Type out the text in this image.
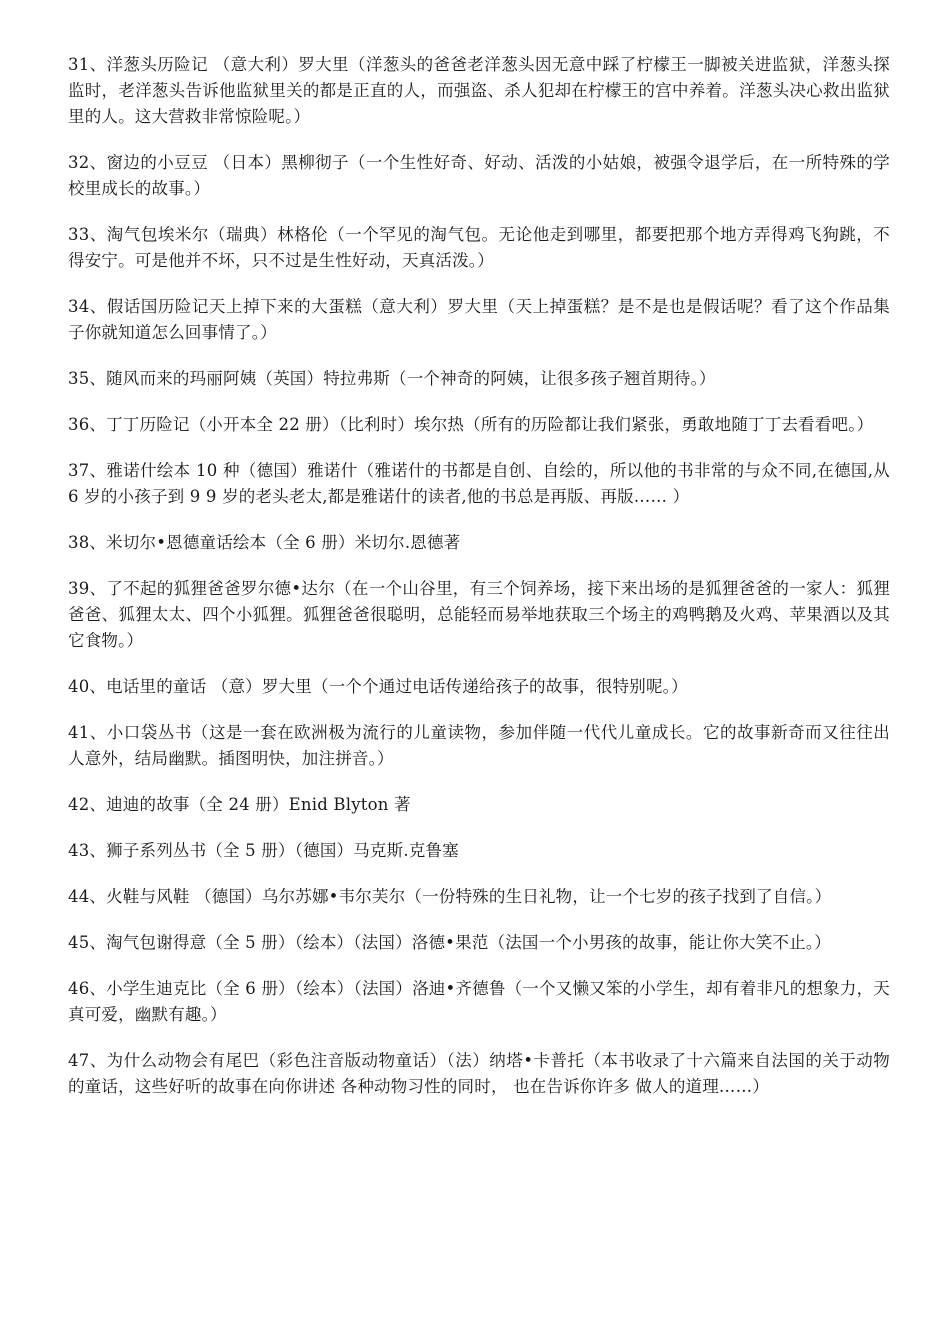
31、洋葱头历险记 （意大利）罗大里（洋葱头的爸爸老洋葱头因无意中踩了柠檬王一脚被关进监狱，洋葱头探监时，老洋葱头告诉他监狱里关的都是正直的人，而强盗、杀人犯却在柠檬王的宫中养着。洋葱头决心救出监狱里的人。这大营救非常惊险呢。）

32、窗边的小豆豆 （日本）黑柳彻子（一个生性好奇、好动、活泼的小姑娘，被强令退学后，在一所特殊的学校里成长的故事。）

33、淘气包埃米尔（瑞典）林格伦（一个罕见的淘气包。无论他走到哪里，都要把那个地方弄得鸡飞狗跳，不得安宁。可是他并不坏，只不过是生性好动，天真活泼。）

34、假话国历险记天上掉下来的大蛋糕（意大利）罗大里（天上掉蛋糕？是不是也是假话呢？看了这个作品集子你就知道怎么回事情了。）

35、随风而来的玛丽阿姨（英国）特拉弗斯（一个神奇的阿姨，让很多孩子翘首期待。）

36、丁丁历险记（小开本全 22 册）（比利时）埃尔热（所有的历险都让我们紧张，勇敢地随丁丁去看看吧。）

37、雅诺什绘本 10 种（德国）雅诺什（雅诺什的书都是自创、自绘的，所以他的书非常的与众不同,在德国,从 6 岁的小孩子到 9 9 岁的老头老太,都是雅诺什的读者,他的书总是再版、再版…… ）

38、米切尔•恩德童话绘本（全 6 册）米切尔.恩德著

39、了不起的狐狸爸爸罗尔德•达尔（在一个山谷里，有三个饲养场，接下来出场的是狐狸爸爸的一家人：狐狸爸爸、狐狸太太、四个小狐狸。狐狸爸爸很聪明，总能轻而易举地获取三个场主的鸡鸭鹅及火鸡、苹果酒以及其它食物。）

40、电话里的童话 （意）罗大里（一个个通过电话传递给孩子的故事，很特别呢。）

41、小口袋丛书（这是一套在欧洲极为流行的儿童读物，参加伴随一代代儿童成长。它的故事新奇而又往往出人意外，结局幽默。插图明快，加注拼音。）

42、迪迪的故事（全 24 册）Enid Blyton 著

43、狮子系列丛书（全 5 册）（德国）马克斯.克鲁塞

44、火鞋与风鞋 （德国）乌尔苏娜•韦尔芙尔（一份特殊的生日礼物，让一个七岁的孩子找到了自信。）

45、淘气包谢得意（全 5 册）（绘本）（法国）洛德•果范（法国一个小男孩的故事，能让你大笑不止。）

46、小学生迪克比（全 6 册）（绘本）（法国）洛迪•齐德鲁（一个又懒又笨的小学生，却有着非凡的想象力，天真可爱，幽默有趣。）

47、为什么动物会有尾巴（彩色注音版动物童话）（法）纳塔•卡普托（本书收录了十六篇来自法国的关于动物的童话，这些好听的故事在向你讲述 各种动物习性的同时， 也在告诉你许多 做人的道理……）
